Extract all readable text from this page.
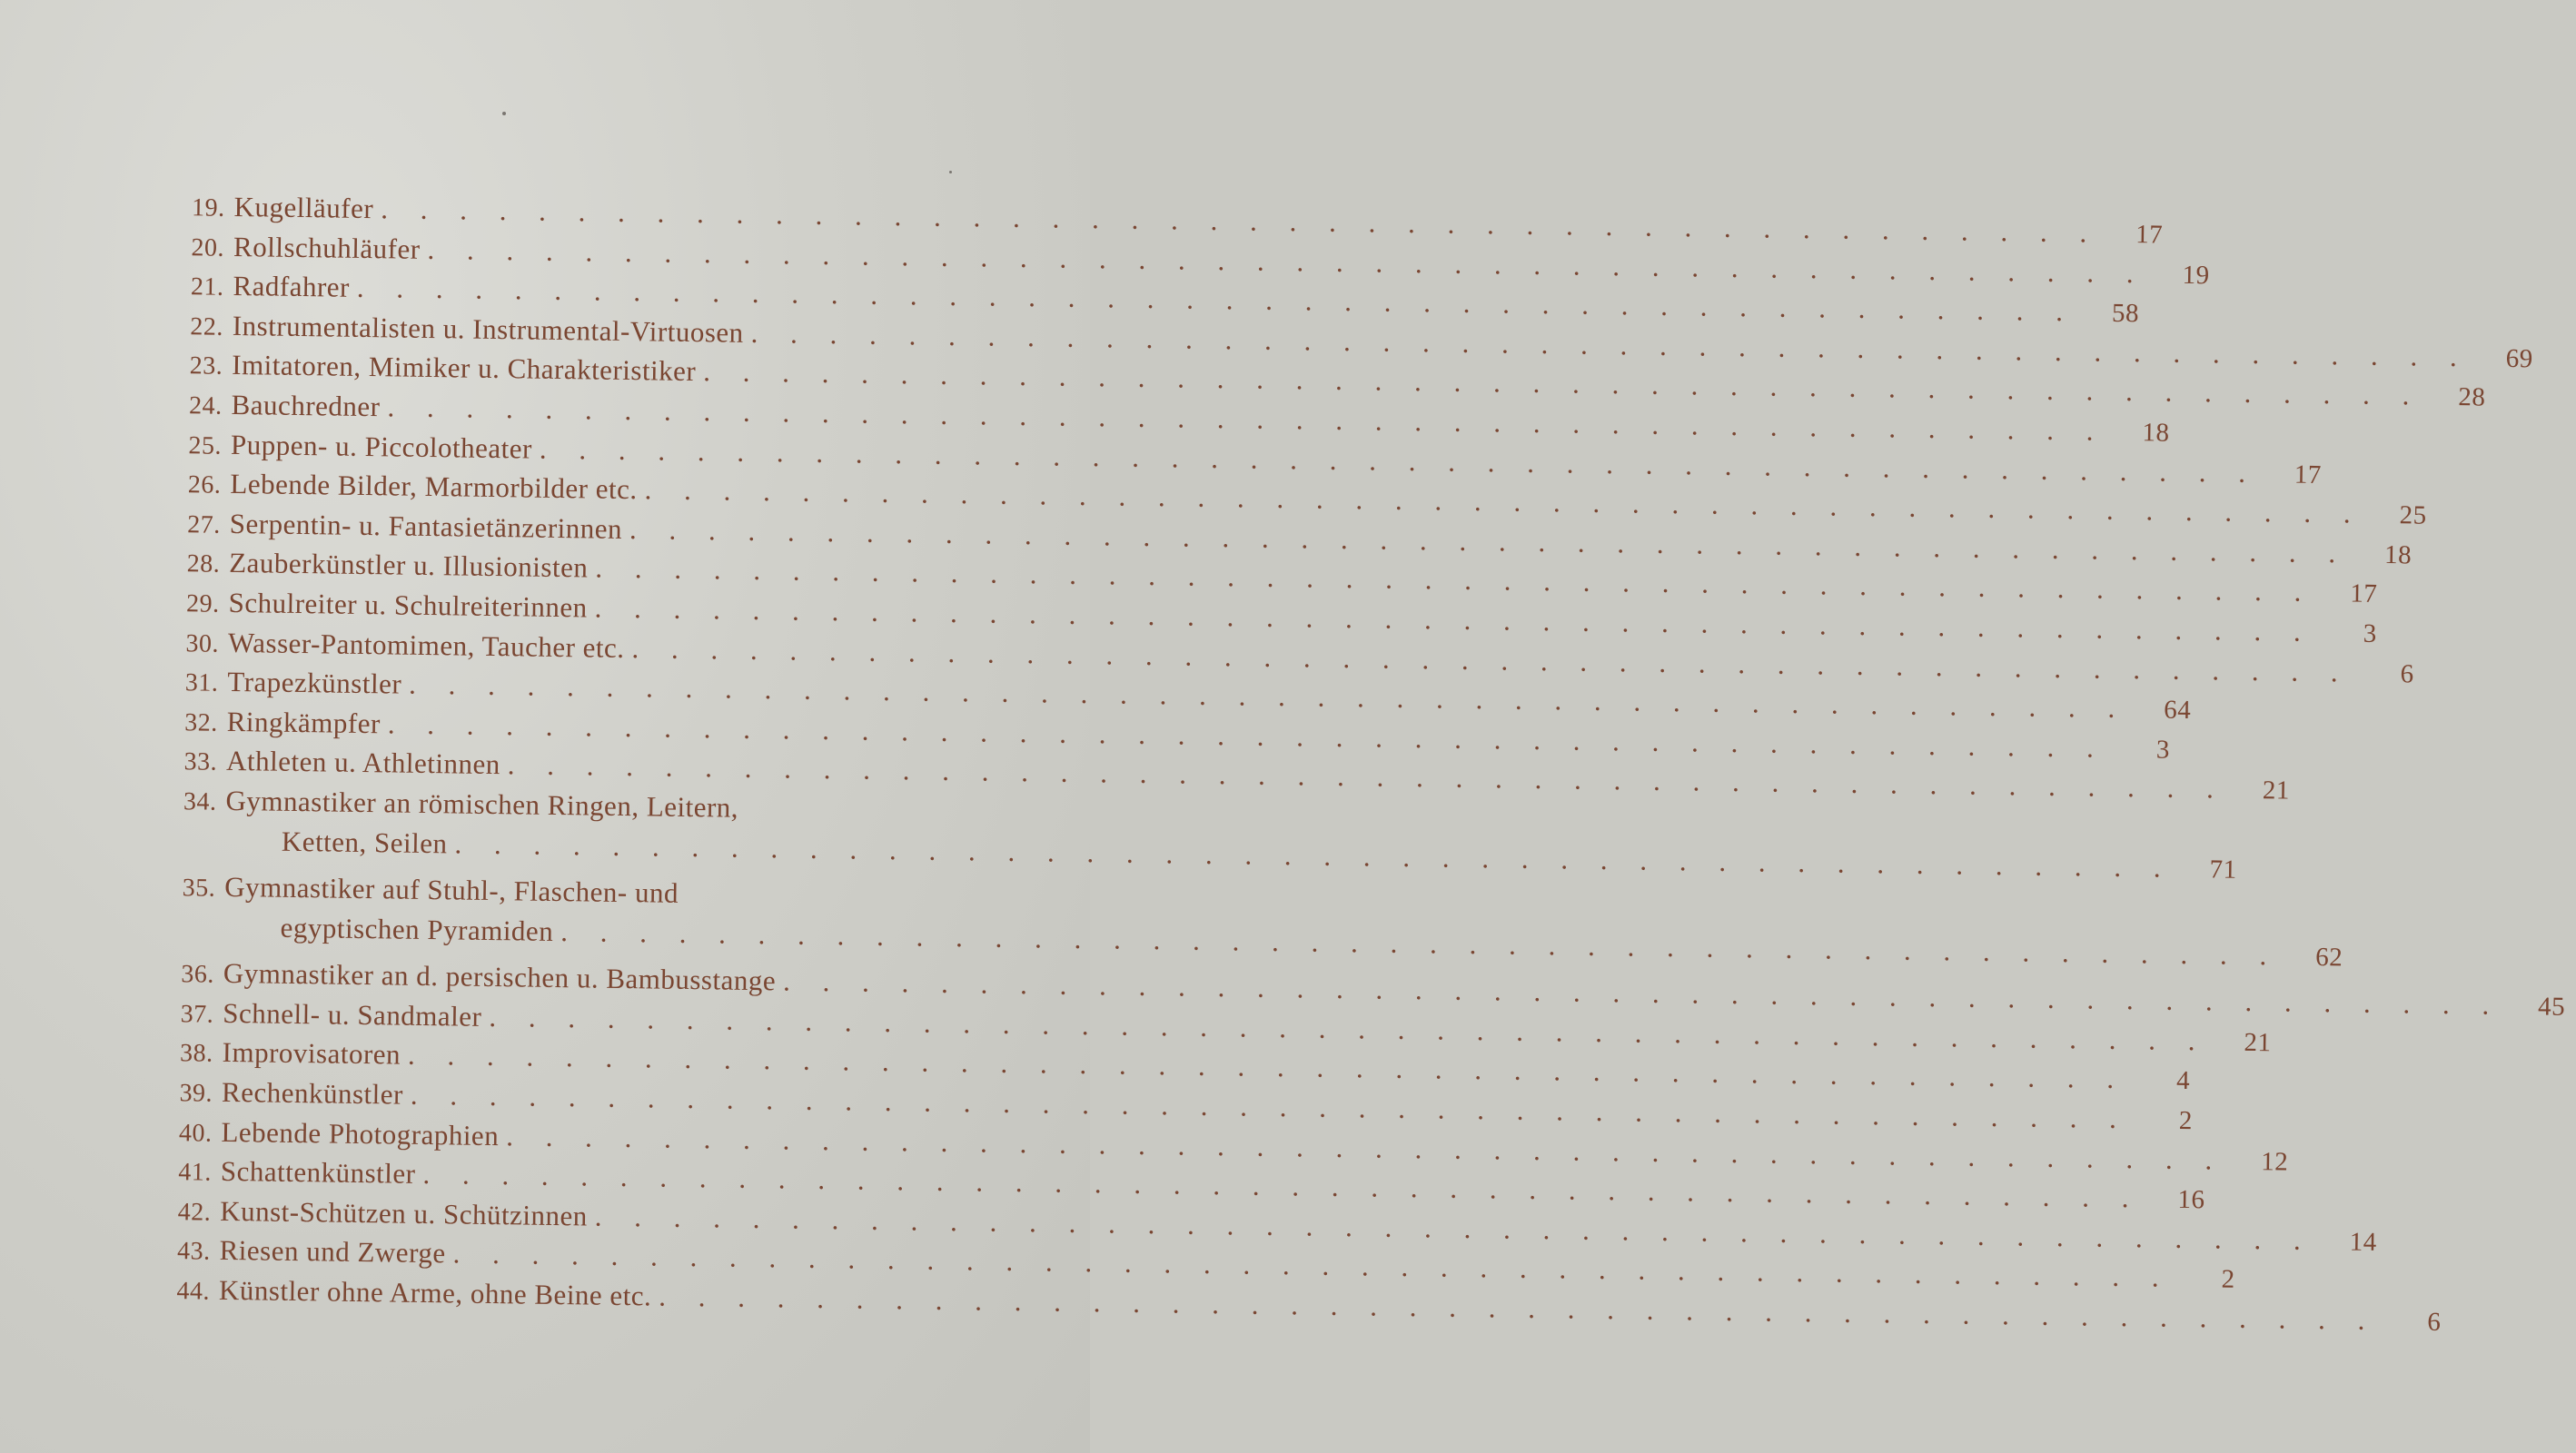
19. Kugelläufer
. . .
17
20. Rollschuhläufer
. . .
19
21. Radfahrer
. . .
58
22. Instrumentalisten u. Instrumental-Virtuosen
. . .
69
23. Imitatoren, Mimiker u. Charakteristiker
. . .
28
24. Bauchredner
. . .
18
25. Puppen- u. Piccolotheater
. . .
17
26. Lebende Bilder, Marmorbilder etc.
. . .
25
27. Serpentin- u. Fantasietänzerinnen
. . .
18
28. Zauberkünstler u. Illusionisten
. . .
17
29. Schulreiter u. Schulreiterinnen
. . .
3
30. Wasser-Pantomimen, Taucher etc.
. . .
6
31. Trapezkünstler
. . .
64
32. Ringkämpfer
. . .
3
33. Athleten u. Athletinnen
. . .
21
34. Gymnastiker an römischen Ringen, Leitern,
Ketten, Seilen
. . .
71
35. Gymnastiker auf Stuhl-, Flaschen- und
egyptischen Pyramiden
. . .
62
36. Gymnastiker an d. persischen u. Bambusstange
. . .
45
37. Schnell- u. Sandmaler
. . .
21
38. Improvisatoren
. . .
4
39. Rechenkünstler
. . .
2
40. Lebende Photographien
. . .
12
41. Schattenkünstler
. . .
16
42. Kunst-Schützen u. Schützinnen
. . .
14
43. Riesen und Zwerge
. . .
2
44. Künstler ohne Arme, ohne Beine etc.
. . .
6
